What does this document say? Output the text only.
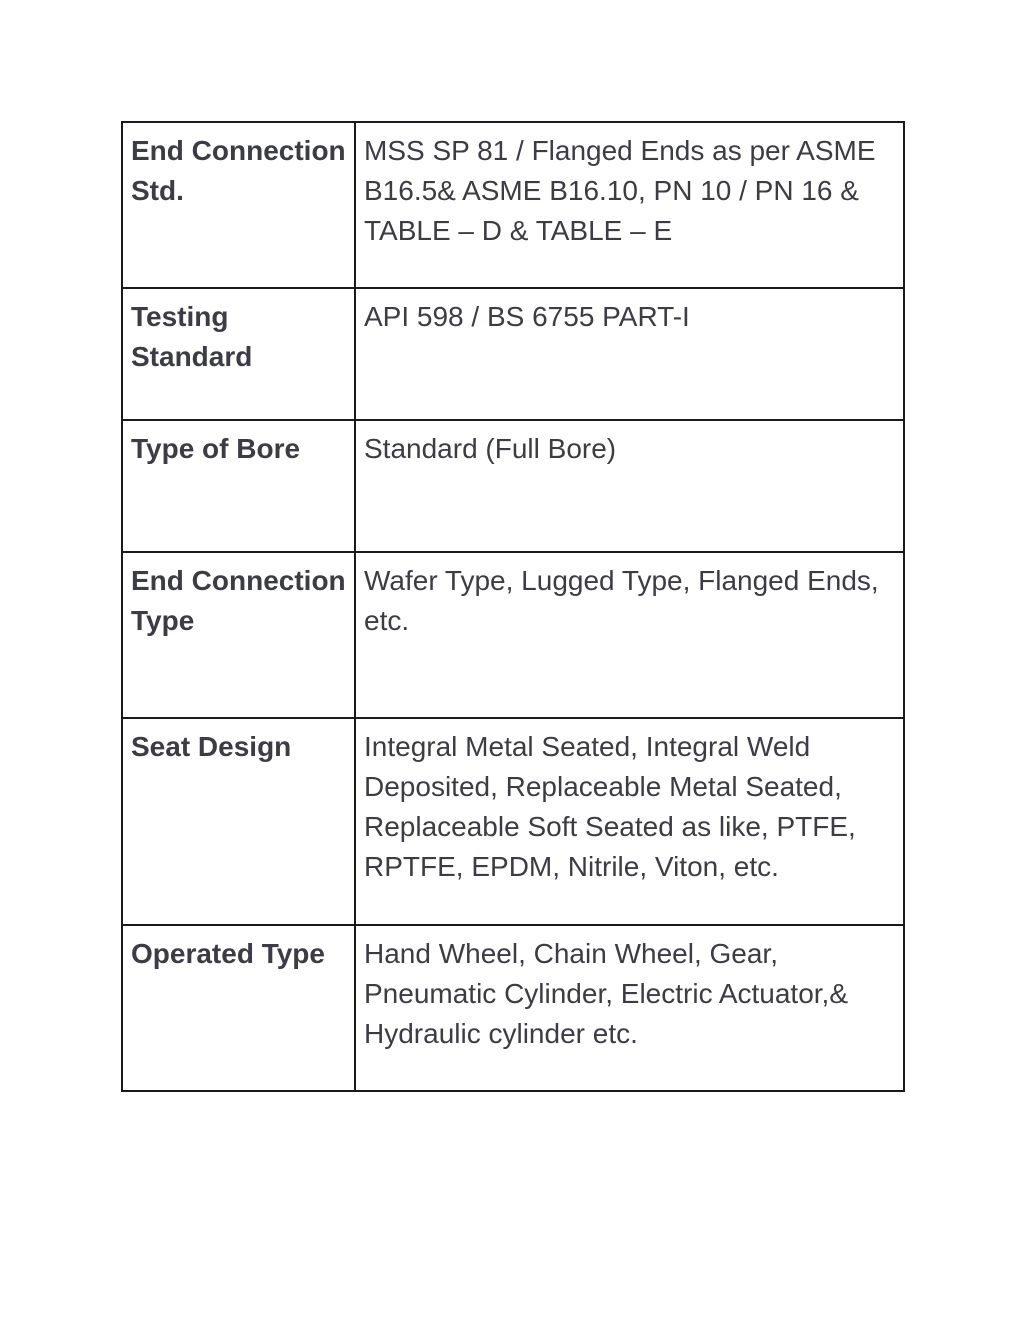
End Connection Std.	MSS SP 81 / Flanged Ends as per ASME B16.5& ASME B16.10, PN 10 / PN 16 & TABLE – D & TABLE – E
Testing Standard	API 598 / BS 6755 PART-I
Type of Bore	Standard (Full Bore)
End Connection Type	Wafer Type, Lugged Type, Flanged Ends, etc.
Seat Design	Integral Metal Seated, Integral Weld Deposited, Replaceable Metal Seated, Replaceable Soft Seated as like, PTFE, RPTFE, EPDM, Nitrile, Viton, etc.
Operated Type	Hand Wheel, Chain Wheel, Gear, Pneumatic Cylinder, Electric Actuator,& Hydraulic cylinder etc.
